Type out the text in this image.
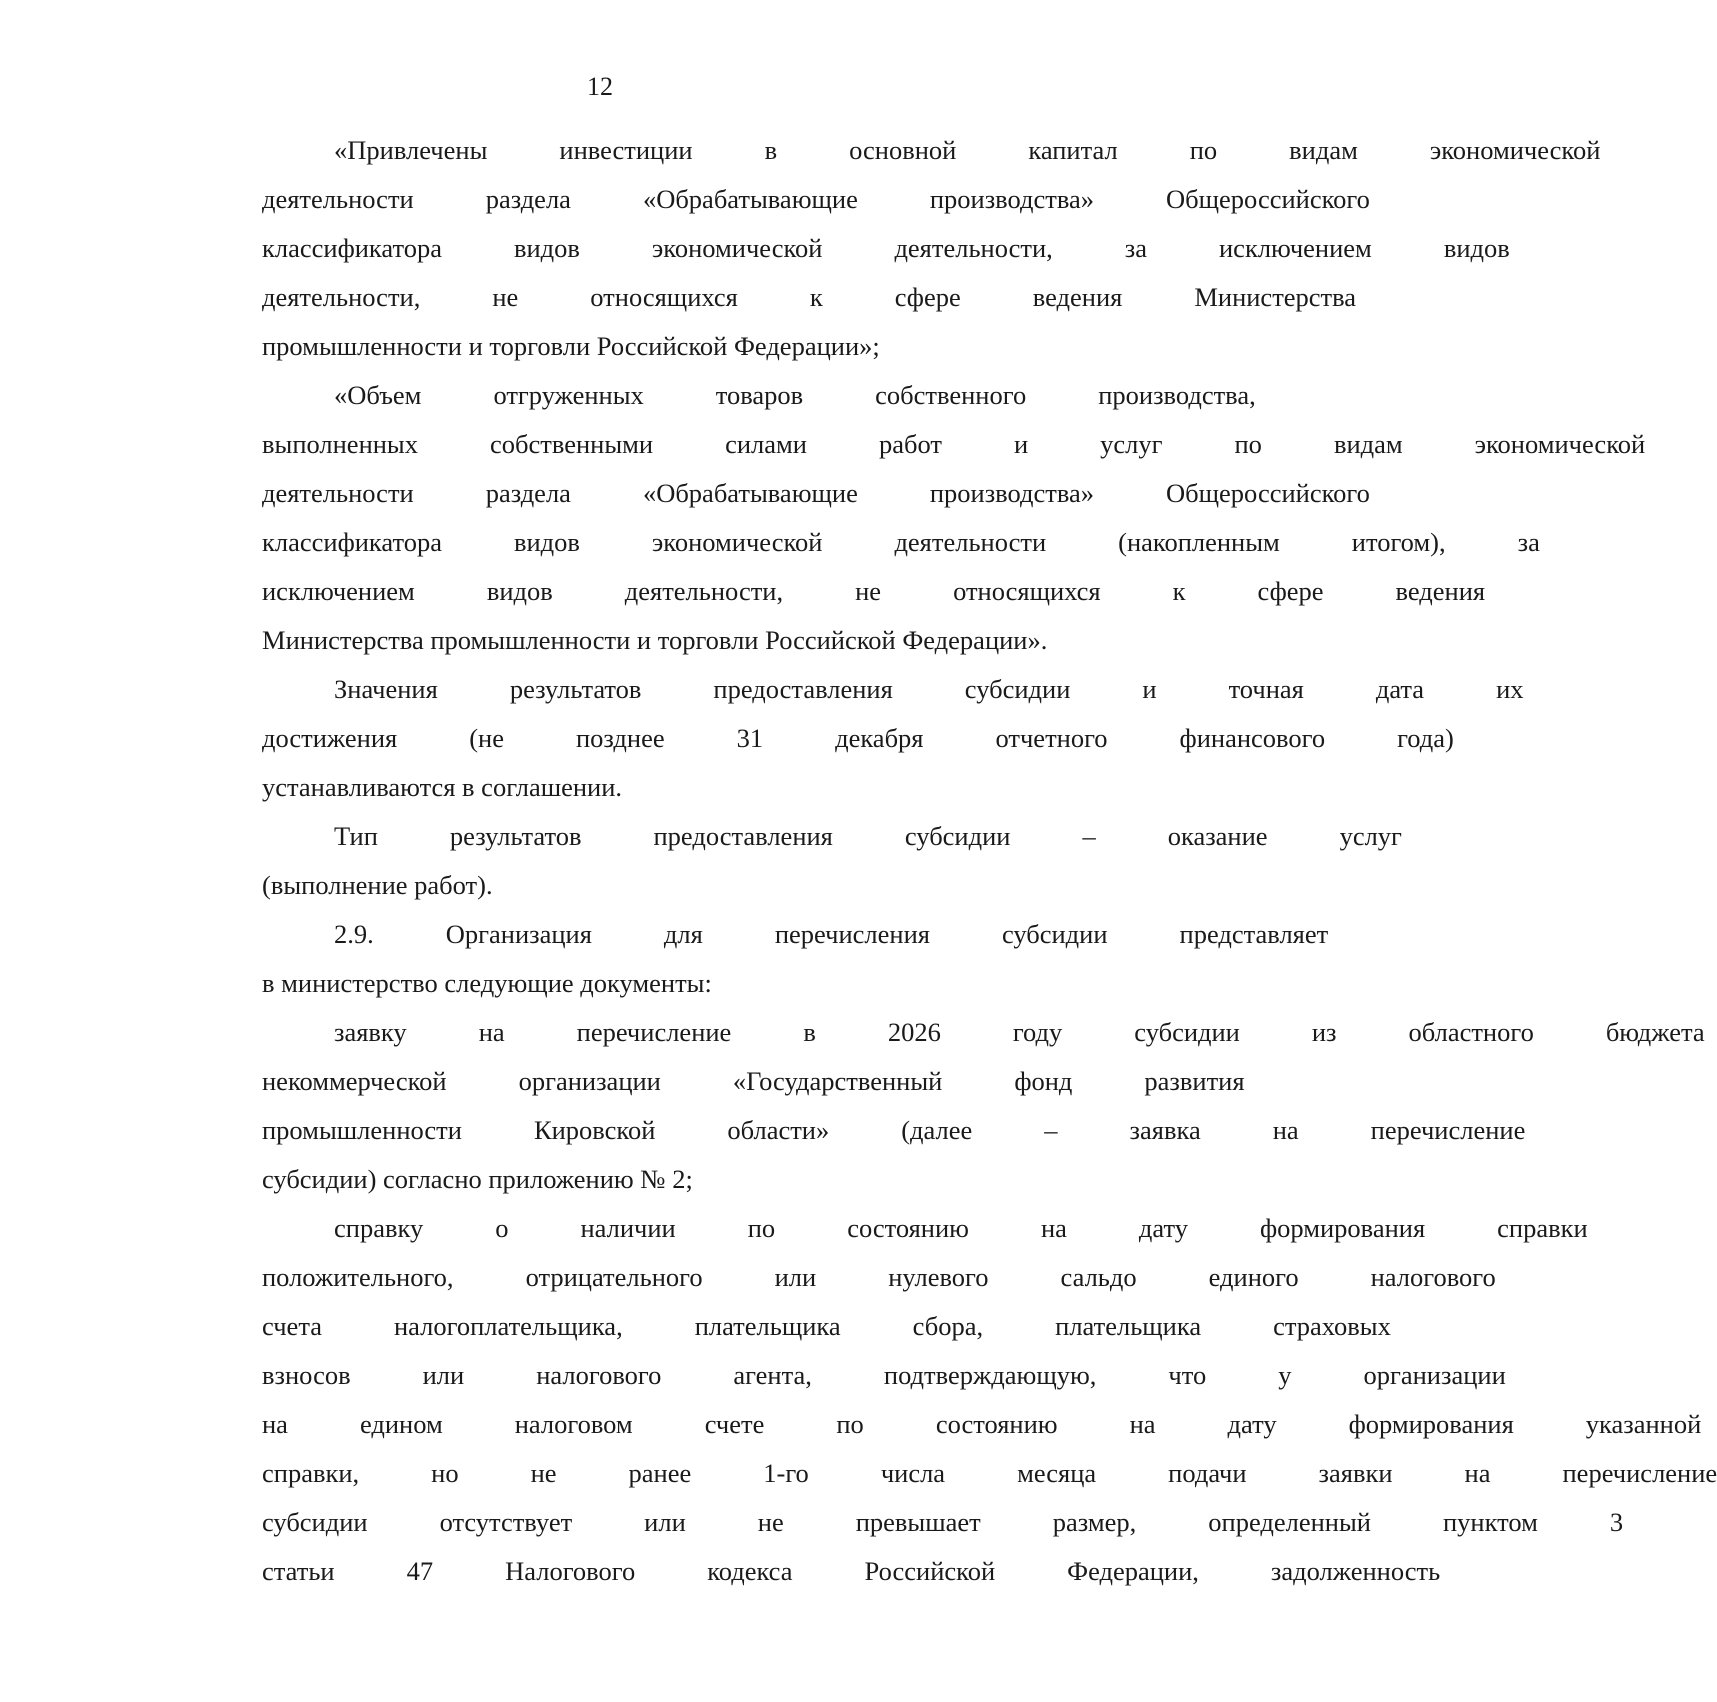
12
«Привлечены	инвестиции	в	основной	капитал	по	видам	экономической
деятельности	раздела	«Обрабатывающие	производства»	Общероссийского
классификатора	видов	экономической	деятельности,	за	исключением	видов
деятельности,	не	относящихся	к	сфере	ведения	Министерства
промышленности и торговли Российской Федерации»;
«Объем	отгруженных	товаров	собственного	производства,
выполненных	собственными	силами	работ	и	услуг	по	видам	экономической
деятельности	раздела	«Обрабатывающие	производства»	Общероссийского
классификатора	видов	экономической	деятельности	(накопленным	итогом),	за
исключением	видов	деятельности,	не	относящихся	к	сфере	ведения
Министерства промышленности и торговли Российской Федерации».
Значения	результатов	предоставления	субсидии	и	точная	дата	их
достижения	(не	позднее	31	декабря	отчетного	финансового	года)
устанавливаются в соглашении.
Тип	результатов	предоставления	субсидии	–	оказание	услуг
(выполнение работ).
2.9.	Организация	для	перечисления	субсидии	представляет
в министерство следующие документы:
заявку	на	перечисление	в	2026	году	субсидии	из	областного	бюджета
некоммерческой	организации	«Государственный	фонд	развития
промышленности	Кировской	области»	(далее	–	заявка	на	перечисление
субсидии) согласно приложению № 2;
справку	о	наличии	по	состоянию	на	дату	формирования	справки
положительного,	отрицательного	или	нулевого	сальдо	единого	налогового
счета	налогоплательщика,	плательщика	сбора,	плательщика	страховых
взносов	или	налогового	агента,	подтверждающую,	что	у	организации
на	едином	налоговом	счете	по	состоянию	на	дату	формирования	указанной
справки,	но	не	ранее	1-го	числа	месяца	подачи	заявки	на	перечисление
субсидии	отсутствует	или	не	превышает	размер,	определенный	пунктом	3
статьи	47	Налогового	кодекса	Российской	Федерации,	задолженность
